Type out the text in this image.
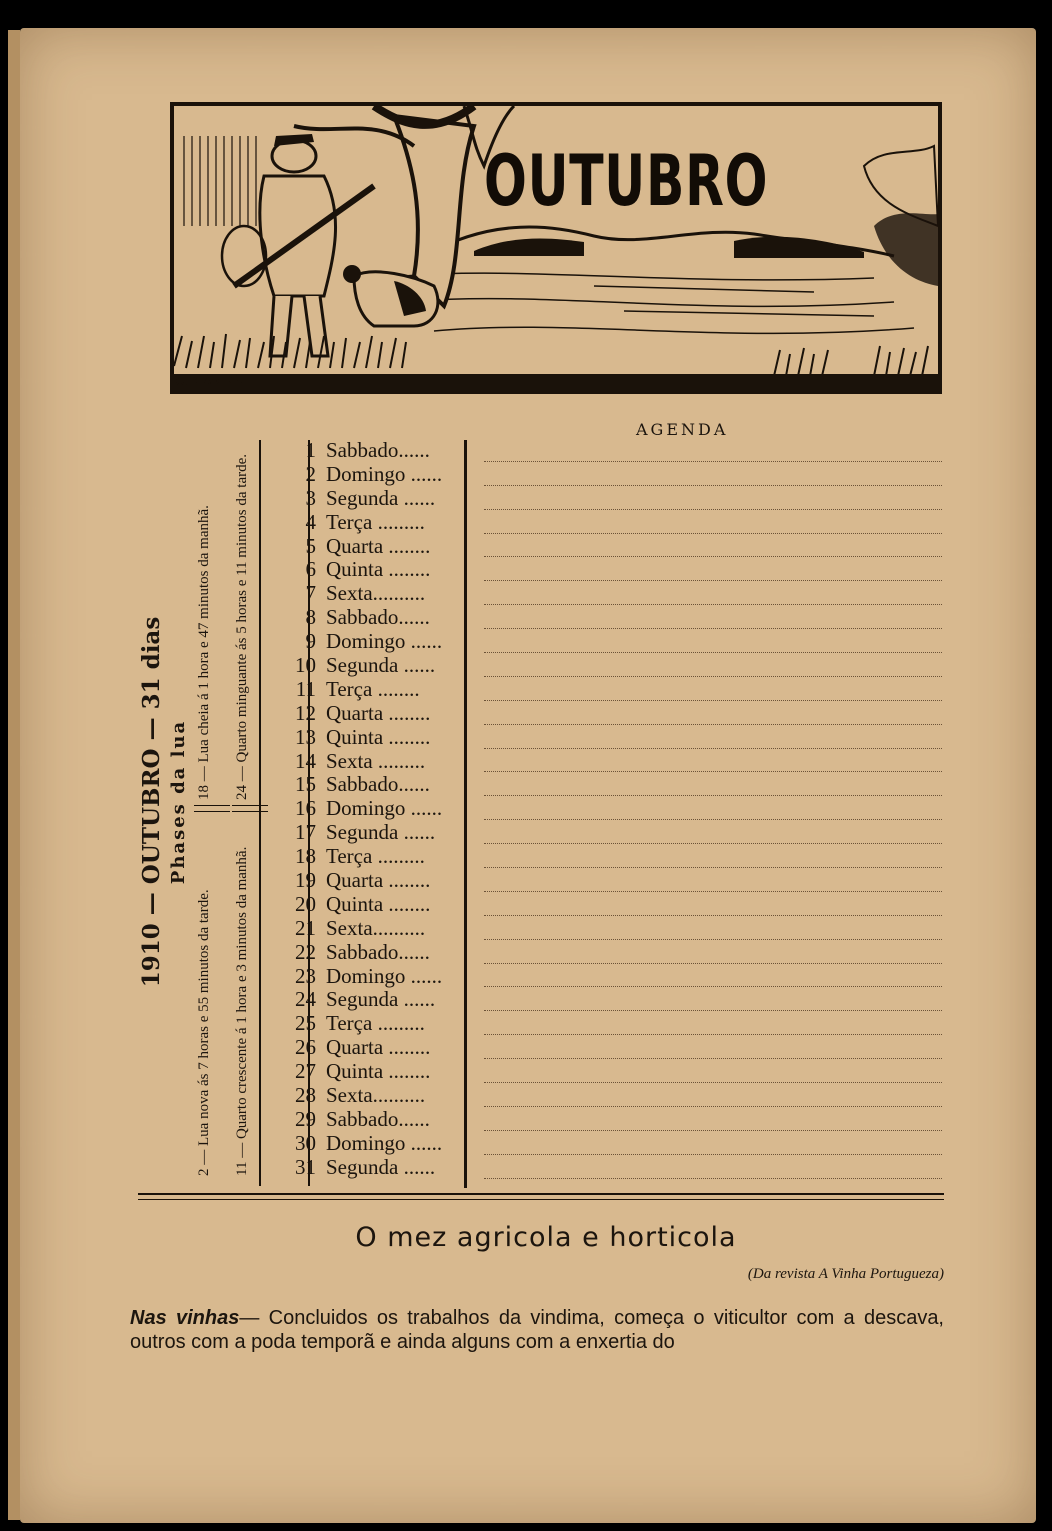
OUTUBRO
DUMAS. O.
1910 — OUTUBRO — 31 dias Phases da lua
2 — Lua nova ás 7 horas e 55 minutos da tarde.
18 — Lua cheia á 1 hora e 47 minutos da manhã.
11 — Quarto crescente á 1 hora e 3 minutos da manhã.
24 — Quarto minguante ás 5 horas e 11 minutos da tarde.
1 Sabbado......
2 Domingo ......
3 Segunda ......
4 Terça .........
5 Quarta ........
6 Quinta ........
7 Sexta..........
8 Sabbado......
9 Domingo ......
10 Segunda ......
11 Terça ........
12 Quarta ........
13 Quinta ........
14 Sexta .........
15 Sabbado......
16 Domingo ......
17 Segunda ......
18 Terça .........
19 Quarta ........
20 Quinta ........
21 Sexta..........
22 Sabbado......
23 Domingo ......
24 Segunda ......
25 Terça .........
26 Quarta ........
27 Quinta ........
28 Sexta..........
29 Sabbado......
30 Domingo ......
31 Segunda ......
AGENDA
O mez agricola e horticola
(Da revista A Vinha Portugueza)
Nas vinhas— Concluidos os trabalhos da vindima, começa o viticultor com a descava, outros com a poda temporã e ainda alguns com a enxertia do
